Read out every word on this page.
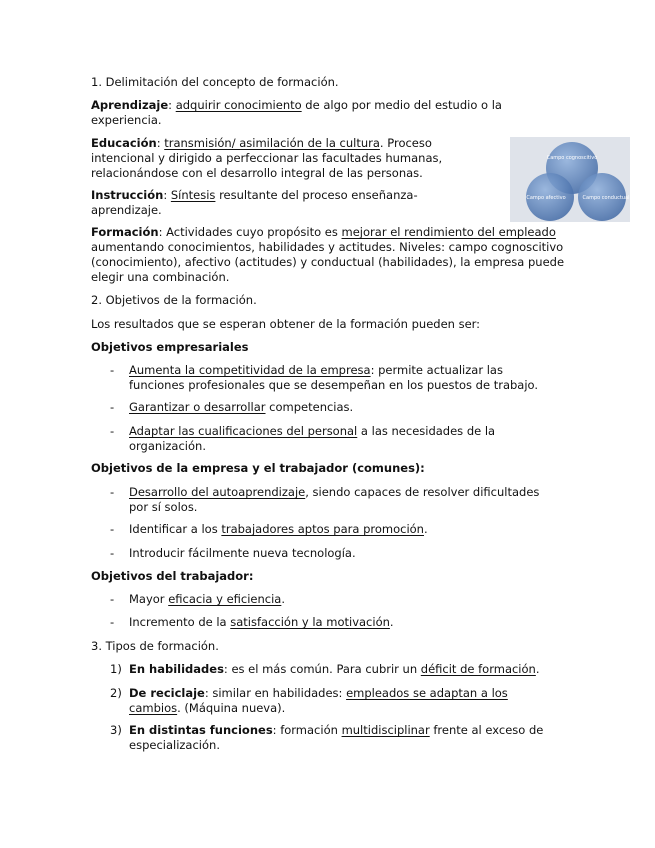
1. Delimitación del concepto de formación.

Aprendizaje: adquirir conocimiento de algo por medio del estudio o la experiencia.

Educación: transmisión/ asimilación de la cultura. Proceso intencional y dirigido a perfeccionar las facultades humanas, relacionándose con el desarrollo integral de las personas.

Campo cognoscitivo
Campo afectivo	Campo conductual

Instrucción: Síntesis resultante del proceso enseñanza-aprendizaje.

Formación: Actividades cuyo propósito es mejorar el rendimiento del empleado aumentando conocimientos, habilidades y actitudes. Niveles: campo cognoscitivo (conocimiento), afectivo (actitudes) y conductual (habilidades), la empresa puede elegir una combinación.

2. Objetivos de la formación.

Los resultados que se esperan obtener de la formación pueden ser:

Objetivos empresariales

-	Aumenta la competitividad de la empresa: permite actualizar las funciones profesionales que se desempeñan en los puestos de trabajo.
-	Garantizar o desarrollar competencias.
-	Adaptar las cualificaciones del personal a las necesidades de la organización.

Objetivos de la empresa y el trabajador (comunes):

-	Desarrollo del autoaprendizaje, siendo capaces de resolver dificultades por sí solos.
-	Identificar a los trabajadores aptos para promoción.
-	Introducir fácilmente nueva tecnología.

Objetivos del trabajador:

-	Mayor eficacia y eficiencia.
-	Incremento de la satisfacción y la motivación.

3. Tipos de formación.

1) En habilidades: es el más común. Para cubrir un déficit de formación.
2) De reciclaje: similar en habilidades: empleados se adaptan a los cambios. (Máquina nueva).
3) En distintas funciones: formación multidisciplinar frente al exceso de especialización.
